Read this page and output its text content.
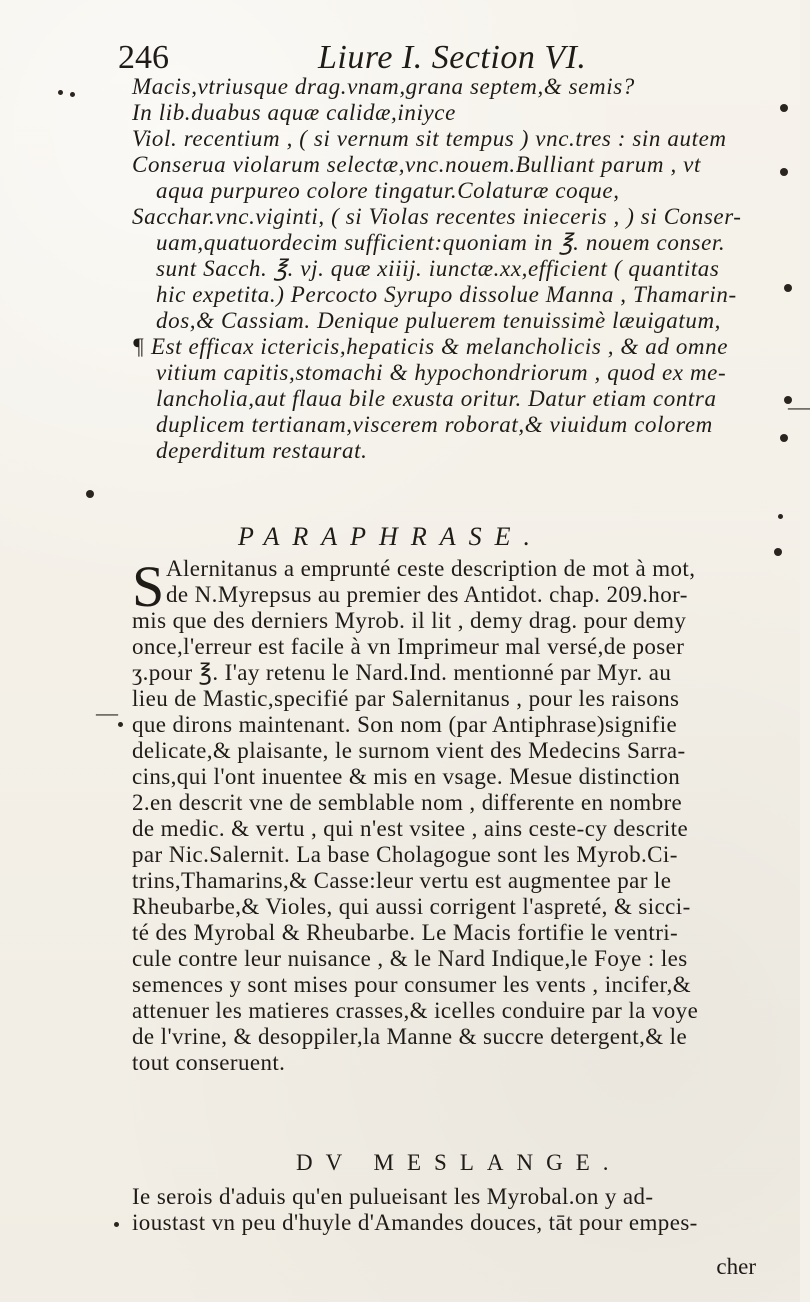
246	Liure I. Section VI.
Macis,vtriusque drag.vnam,grana septem,& semis?
In lib.duabus aquæ calidæ,iniyce
Viol. recentium , ( si vernum sit tempus ) vnc.tres : sin autem
Conserua violarum selectæ,vnc.nouem.Bulliant parum , vt
aqua purpureo colore tingatur.Colaturæ coque,
Sacchar.vnc.viginti, ( si Violas recentes inieceris , ) si Conser-
uam,quatuordecim sufficient:quoniam in ℥. nouem conser.
sunt Sacch. ℥. vj. quæ xiiij. iunctæ.xx,efficient ( quantitas
hic expetita.) Percocto Syrupo dissolue Manna , Thamarin-
dos,& Cassiam. Denique puluerem tenuissimè læuigatum,
¶ Est efficax ictericis,hepaticis & melancholicis , & ad omne
vitium capitis,stomachi & hypochondriorum , quod ex me-
lancholia,aut flaua bile exusta oritur. Datur etiam contra
duplicem tertianam,viscerem roborat,& viuidum colorem
deperditum restaurat.
PARAPHRASE.
S Alernitanus a emprunté ceste description de mot à mot,
de N.Myrepsus au premier des Antidot. chap. 209.hor-
mis que des derniers Myrob. il lit , demy drag. pour demy
once,l'erreur est facile à vn Imprimeur mal versé,de poser
ʒ.pour ℥. I'ay retenu le Nard.Ind. mentionné par Myr. au
lieu de Mastic,specifié par Salernitanus , pour les raisons
que dirons maintenant. Son nom (par Antiphrase)signifie
delicate,& plaisante, le surnom vient des Medecins Sarra-
cins,qui l'ont inuentee & mis en vsage. Mesue distinction
2.en descrit vne de semblable nom , differente en nombre
de medic. & vertu , qui n'est vsitee , ains ceste-cy descrite
par Nic.Salernit. La base Cholagogue sont les Myrob.Ci-
trins,Thamarins,& Casse:leur vertu est augmentee par le
Rheubarbe,& Violes, qui aussi corrigent l'aspreté, & sicci-
té des Myrobal & Rheubarbe. Le Macis fortifie le ventri-
cule contre leur nuisance , & le Nard Indique,le Foye : les
semences y sont mises pour consumer les vents , incifer,&
attenuer les matieres crasses,& icelles conduire par la voye
de l'vrine, & desoppiler,la Manne & succre detergent,& le
tout conseruent.
DV MESLANGE.
Ie serois d'aduis qu'en pulueisant les Myrobal.on y ad-
ioustast vn peu d'huyle d'Amandes douces, tāt pour empes-
cher
—
—
